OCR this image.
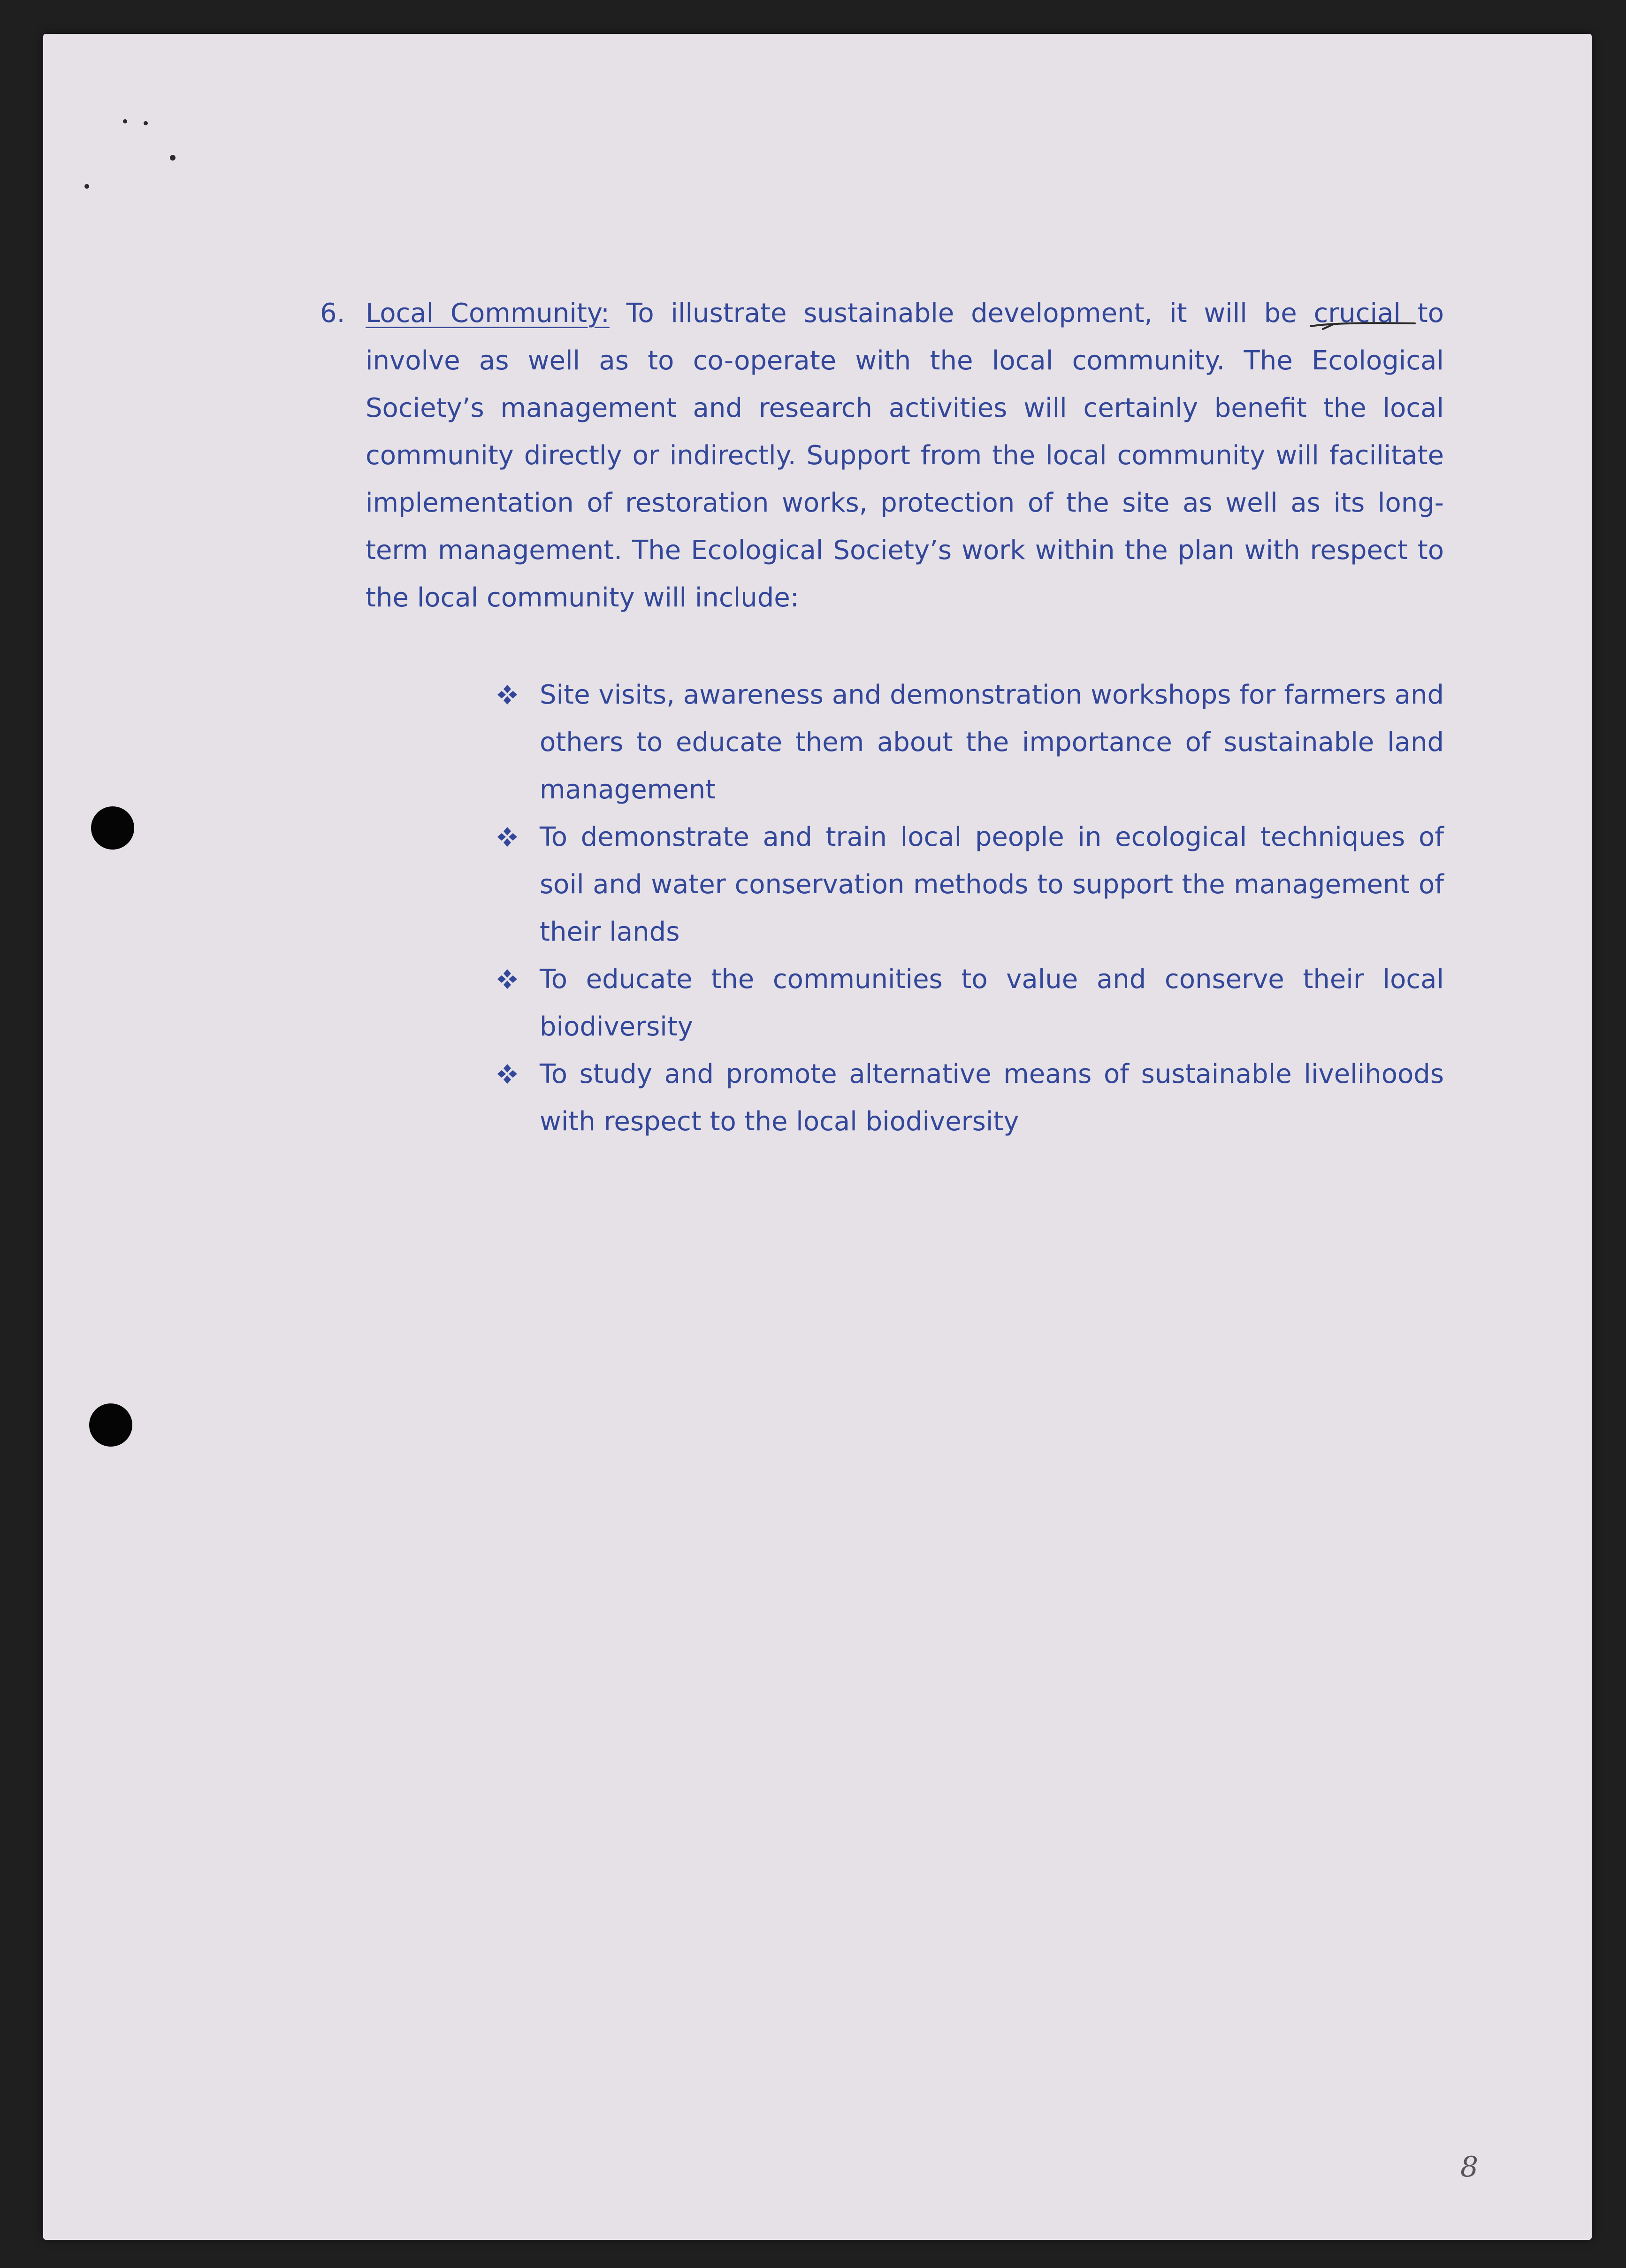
6. Local Community: To illustrate sustainable development, it will be crucial
to involve as well as to co-operate with the local community. The Ecological Society’s management and research activities will certainly benefit the local community directly or indirectly. Support from the local community will facilitate implementation of restoration works, protection of the site as well as its long-term management. The Ecological Society’s work within the plan with respect to the local community will include:
Site visits, awareness and demonstration workshops for farmers and others to educate them about the importance of sustainable land management
To demonstrate and train local people in ecological techniques of soil and water conservation methods to support the management of their lands
To educate the communities to value and conserve their local biodiversity
To study and promote alternative means of sustainable livelihoods with respect to the local biodiversity
8
